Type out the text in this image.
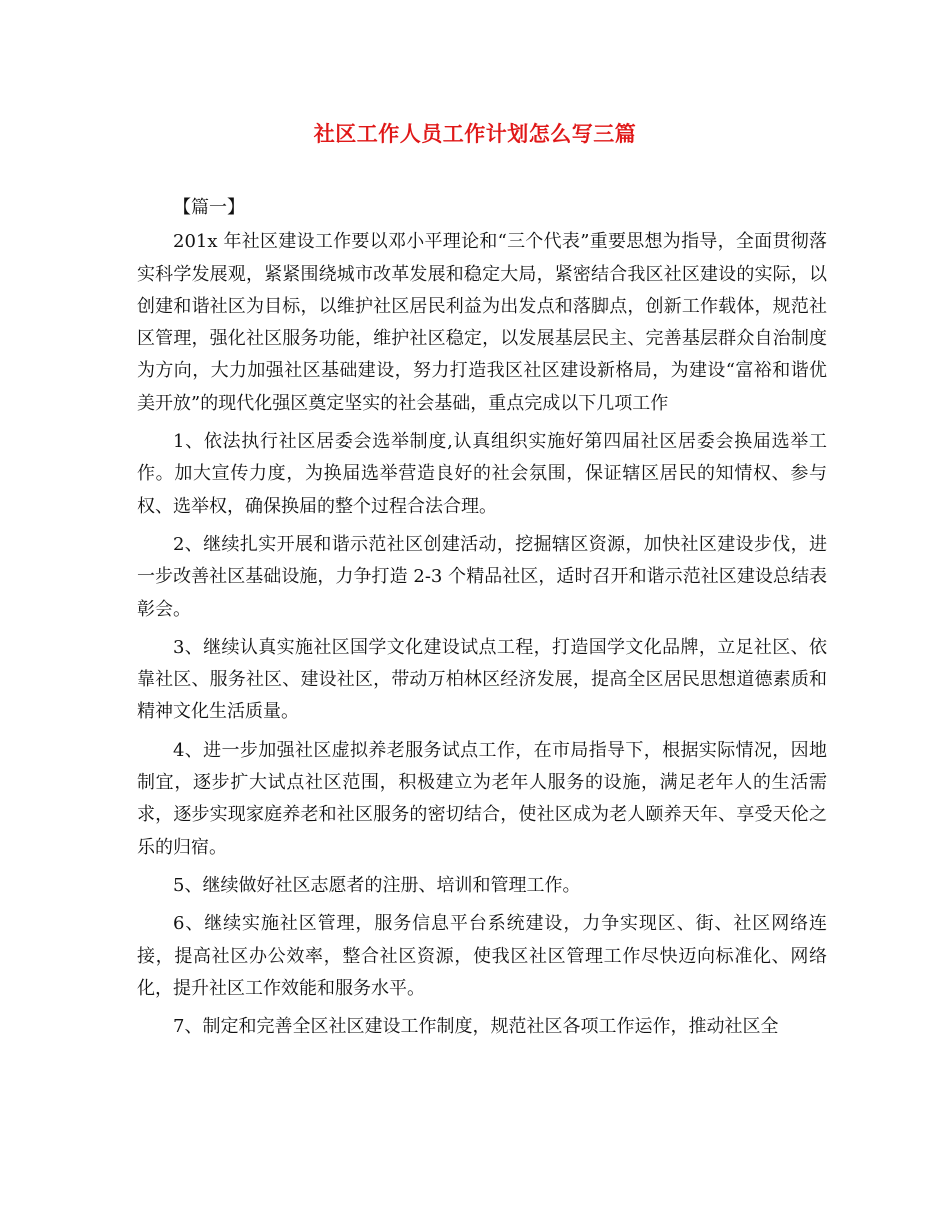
社区工作人员工作计划怎么写三篇

【篇一】

201x 年社区建设工作要以邓小平理论和“三个代表”重要思想为指导，全面贯彻落实科学发展观，紧紧围绕城市改革发展和稳定大局，紧密结合我区社区建设的实际，以创建和谐社区为目标，以维护社区居民利益为出发点和落脚点，创新工作载体，规范社区管理，强化社区服务功能，维护社区稳定，以发展基层民主、完善基层群众自治制度为方向，大力加强社区基础建设，努力打造我区社区建设新格局，为建设“富裕和谐优美开放”的现代化强区奠定坚实的社会基础，重点完成以下几项工作

1、依法执行社区居委会选举制度,认真组织实施好第四届社区居委会换届选举工作。加大宣传力度，为换届选举营造良好的社会氛围，保证辖区居民的知情权、参与权、选举权，确保换届的整个过程合法合理。

2、继续扎实开展和谐示范社区创建活动，挖掘辖区资源，加快社区建设步伐，进一步改善社区基础设施，力争打造 2-3 个精品社区，适时召开和谐示范社区建设总结表彰会。

3、继续认真实施社区国学文化建设试点工程，打造国学文化品牌，立足社区、依靠社区、服务社区、建设社区，带动万柏林区经济发展，提高全区居民思想道德素质和精神文化生活质量。

4、进一步加强社区虚拟养老服务试点工作，在市局指导下，根据实际情况，因地制宜，逐步扩大试点社区范围，积极建立为老年人服务的设施，满足老年人的生活需求，逐步实现家庭养老和社区服务的密切结合，使社区成为老人颐养天年、享受天伦之乐的归宿。

5、继续做好社区志愿者的注册、培训和管理工作。

6、继续实施社区管理，服务信息平台系统建设，力争实现区、街、社区网络连接，提高社区办公效率，整合社区资源，使我区社区管理工作尽快迈向标准化、网络化，提升社区工作效能和服务水平。

7、制定和完善全区社区建设工作制度，规范社区各项工作运作，推动社区全
